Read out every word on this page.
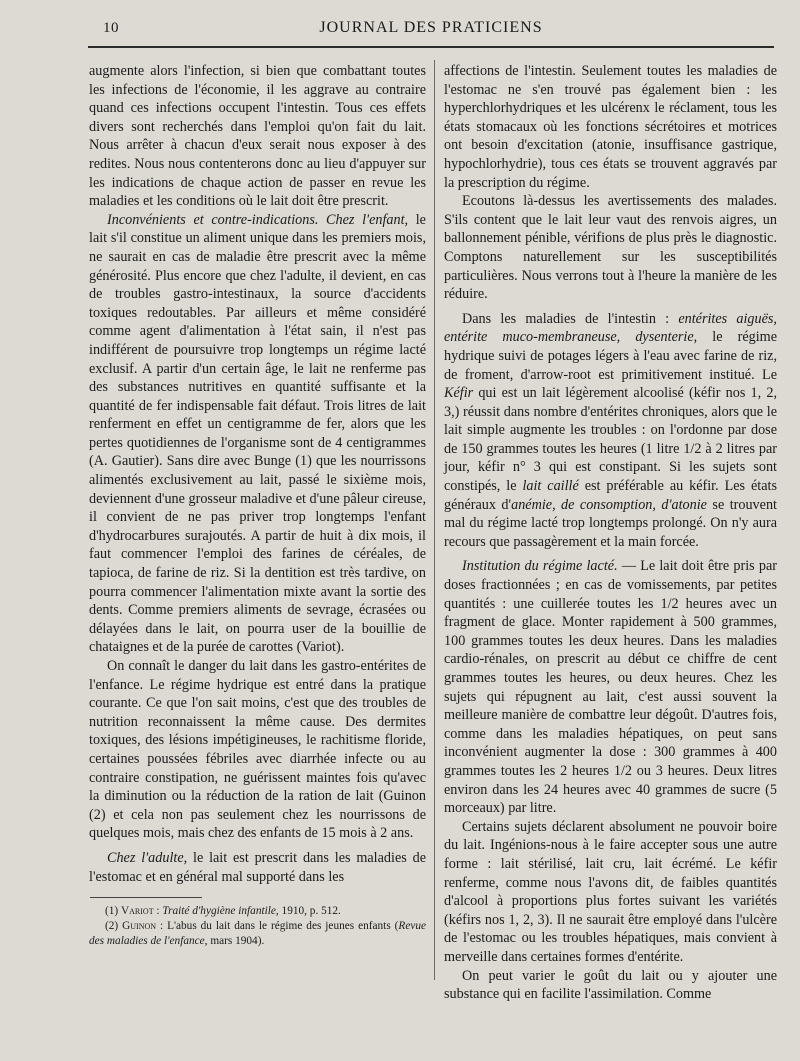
10	JOURNAL DES PRATICIENS

augmente alors l'infection, si bien que combattant toutes les infections de l'économie, il les aggrave au contraire quand ces infections occupent l'intestin. Tous ces effets divers sont recherchés dans l'emploi qu'on fait du lait. Nous arrêter à chacun d'eux serait nous exposer à des redites. Nous nous contenterons donc au lieu d'appuyer sur les indications de chaque action de passer en revue les maladies et les conditions où le lait doit être prescrit.

Inconvénients et contre-indications. Chez l'enfant, le lait s'il constitue un aliment unique dans les premiers mois, ne saurait en cas de maladie être prescrit avec la même générosité. Plus encore que chez l'adulte, il devient, en cas de troubles gastro-intestinaux, la source d'accidents toxiques redoutables. Par ailleurs et même considéré comme agent d'alimentation à l'état sain, il n'est pas indifférent de poursuivre trop longtemps un régime lacté exclusif. A partir d'un certain âge, le lait ne renferme pas des substances nutritives en quantité suffisante et la quantité de fer indispensable fait défaut. Trois litres de lait renferment en effet un centigramme de fer, alors que les pertes quotidiennes de l'organisme sont de 4 centigrammes (A. Gautier). Sans dire avec Bunge (1) que les nourrissons alimentés exclusivement au lait, passé le sixième mois, deviennent d'une grosseur maladive et d'une pâleur cireuse, il convient de ne pas priver trop longtemps l'enfant d'hydrocarbures surajoutés. A partir de huit à dix mois, il faut commencer l'emploi des farines de céréales, de tapioca, de farine de riz. Si la dentition est très tardive, on pourra commencer l'alimentation mixte avant la sortie des dents. Comme premiers aliments de sevrage, écrasées ou délayées dans le lait, on pourra user de la bouillie de chataignes et de la purée de carottes (Variot).

On connaît le danger du lait dans les gastro-entérites de l'enfance. Le régime hydrique est entré dans la pratique courante. Ce que l'on sait moins, c'est que des troubles de nutrition reconnaissent la même cause. Des dermites toxiques, des lésions impétigineuses, le rachitisme floride, certaines poussées fébriles avec diarrhée infecte ou au contraire constipation, ne guérissent maintes fois qu'avec la diminution ou la réduction de la ration de lait (Guinon (2) et cela non pas seulement chez les nourrissons de quelques mois, mais chez des enfants de 15 mois à 2 ans.

Chez l'adulte, le lait est prescrit dans les maladies de l'estomac et en général mal supporté dans les

(1) Variot : Traité d'hygiène infantile, 1910, p. 512.

(2) Guinon : L'abus du lait dans le régime des jeunes enfants (Revue des maladies de l'enfance, mars 1904).

affections de l'intestin. Seulement toutes les maladies de l'estomac ne s'en trouvé pas également bien : les hyperchlorhydriques et les ulcérenx le réclament, tous les états stomacaux où les fonctions sécrétoires et motrices ont besoin d'excitation (atonie, insuffisance gastrique, hypochlorhydrie), tous ces états se trouvent aggravés par la prescription du régime.

Ecoutons là-dessus les avertissements des malades. S'ils content que le lait leur vaut des renvois aigres, un ballonnement pénible, vérifions de plus près le diagnostic. Comptons naturellement sur les susceptibilités particulières. Nous verrons tout à l'heure la manière de les réduire.

Dans les maladies de l'intestin : entérites aiguës, entérite muco-membraneuse, dysenterie, le régime hydrique suivi de potages légers à l'eau avec farine de riz, de froment, d'arrow-root est primitivement institué. Le Kéfir qui est un lait légèrement alcoolisé (kéfir nos 1, 2, 3,) réussit dans nombre d'entérites chroniques, alors que le lait simple augmente les troubles : on l'ordonne par dose de 150 grammes toutes les heures (1 litre 1/2 à 2 litres par jour, kéfir n° 3 qui est constipant. Si les sujets sont constipés, le lait caillé est préférable au kéfir. Les états généraux d'anémie, de consomption, d'atonie se trouvent mal du régime lacté trop longtemps prolongé. On n'y aura recours que passagèrement et la main forcée.

Institution du régime lacté. — Le lait doit être pris par doses fractionnées ; en cas de vomissements, par petites quantités : une cuillerée toutes les 1/2 heures avec un fragment de glace. Monter rapidement à 500 grammes, 100 grammes toutes les deux heures. Dans les maladies cardio-rénales, on prescrit au début ce chiffre de cent grammes toutes les heures, ou deux heures. Chez les sujets qui répugnent au lait, c'est aussi souvent la meilleure manière de combattre leur dégoût. D'autres fois, comme dans les maladies hépatiques, on peut sans inconvénient augmenter la dose : 300 grammes à 400 grammes toutes les 2 heures 1/2 ou 3 heures. Deux litres environ dans les 24 heures avec 40 grammes de sucre (5 morceaux) par litre.

Certains sujets déclarent absolument ne pouvoir boire du lait. Ingénions-nous à le faire accepter sous une autre forme : lait stérilisé, lait cru, lait écrémé. Le kéfir renferme, comme nous l'avons dit, de faibles quantités d'alcool à proportions plus fortes suivant les variétés (kéfirs nos 1, 2, 3). Il ne saurait être employé dans l'ulcère de l'estomac ou les troubles hépatiques, mais convient à merveille dans certaines formes d'entérite.

On peut varier le goût du lait ou y ajouter une substance qui en facilite l'assimilation. Comme
